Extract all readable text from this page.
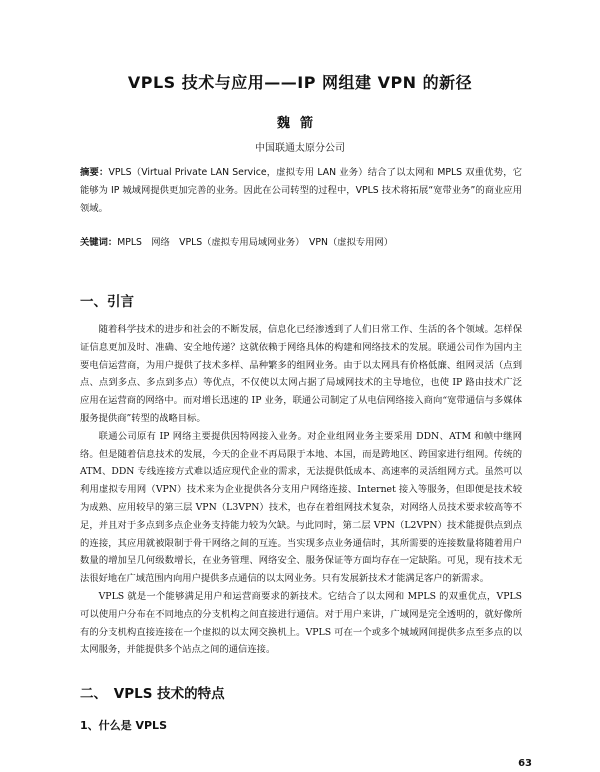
VPLS 技术与应用——IP 网组建 VPN 的新径
魏箭
中国联通太原分公司
摘要：VPLS（Virtual Private LAN Service，虚拟专用 LAN 业务）结合了以太网和 MPLS 双重优势，它能够为 IP 城域网提供更加完善的业务。因此在公司转型的过程中，VPLS 技术将拓展“宽带业务”的商业应用领域。
关键词：MPLS　网络　VPLS（虚拟专用局域网业务）　VPN（虚拟专用网）
一、引言

随着科学技术的进步和社会的不断发展，信息化已经渗透到了人们日常工作、生活的各个领域。怎样保证信息更加及时、准确、安全地传递？这就依赖于网络具体的构建和网络技术的发展。联通公司作为国内主要电信运营商，为用户提供了技术多样、品种繁多的组网业务。由于以太网具有价格低廉、组网灵活（点到点、点到多点、多点到多点）等优点，不仅使以太网占据了局域网技术的主导地位，也使 IP 路由技术广泛应用在运营商的网络中。而对增长迅速的 IP 业务，联通公司制定了从电信网络接入商向“宽带通信与多媒体服务提供商”转型的战略目标。

联通公司原有 IP 网络主要提供因特网接入业务。对企业组网业务主要采用 DDN、ATM 和帧中继网络。但是随着信息技术的发展，今天的企业不再局限于本地、本国，而是跨地区、跨国家进行组网。传统的 ATM、DDN 专线连接方式难以适应现代企业的需求，无法提供低成本、高速率的灵活组网方式。虽然可以利用虚拟专用网（VPN）技术来为企业提供各分支用户网络连接、Internet 接入等服务，但即便是技术较为成熟、应用较早的第三层 VPN（L3VPN）技术，也存在着组网技术复杂，对网络人员技术要求较高等不足，并且对于多点到多点企业务支持能力较为欠缺。与此同时，第二层 VPN（L2VPN）技术能提供点到点的连接，其应用就被限制于骨干网络之间的互连。当实现多点业务通信时，其所需要的连接数量将随着用户数量的增加呈几何级数增长，在业务管理、网络安全、服务保证等方面均存在一定缺陷。可见，现有技术无法很好地在广域范围内向用户提供多点通信的以太网业务。只有发展新技术才能满足客户的新需求。

VPLS 就是一个能够满足用户和运营商要求的新技术。它结合了以太网和 MPLS 的双重优点，VPLS 可以使用户分布在不同地点的分支机构之间直接进行通信。对于用户来讲，广域网是完全透明的，就好像所有的分支机构直接连接在一个虚拟的以太网交换机上。VPLS 可在一个或多个城域网间提供多点至多点的以太网服务，并能提供多个站点之间的通信连接。

二、　VPLS 技术的特点
1、什么是 VPLS
63
